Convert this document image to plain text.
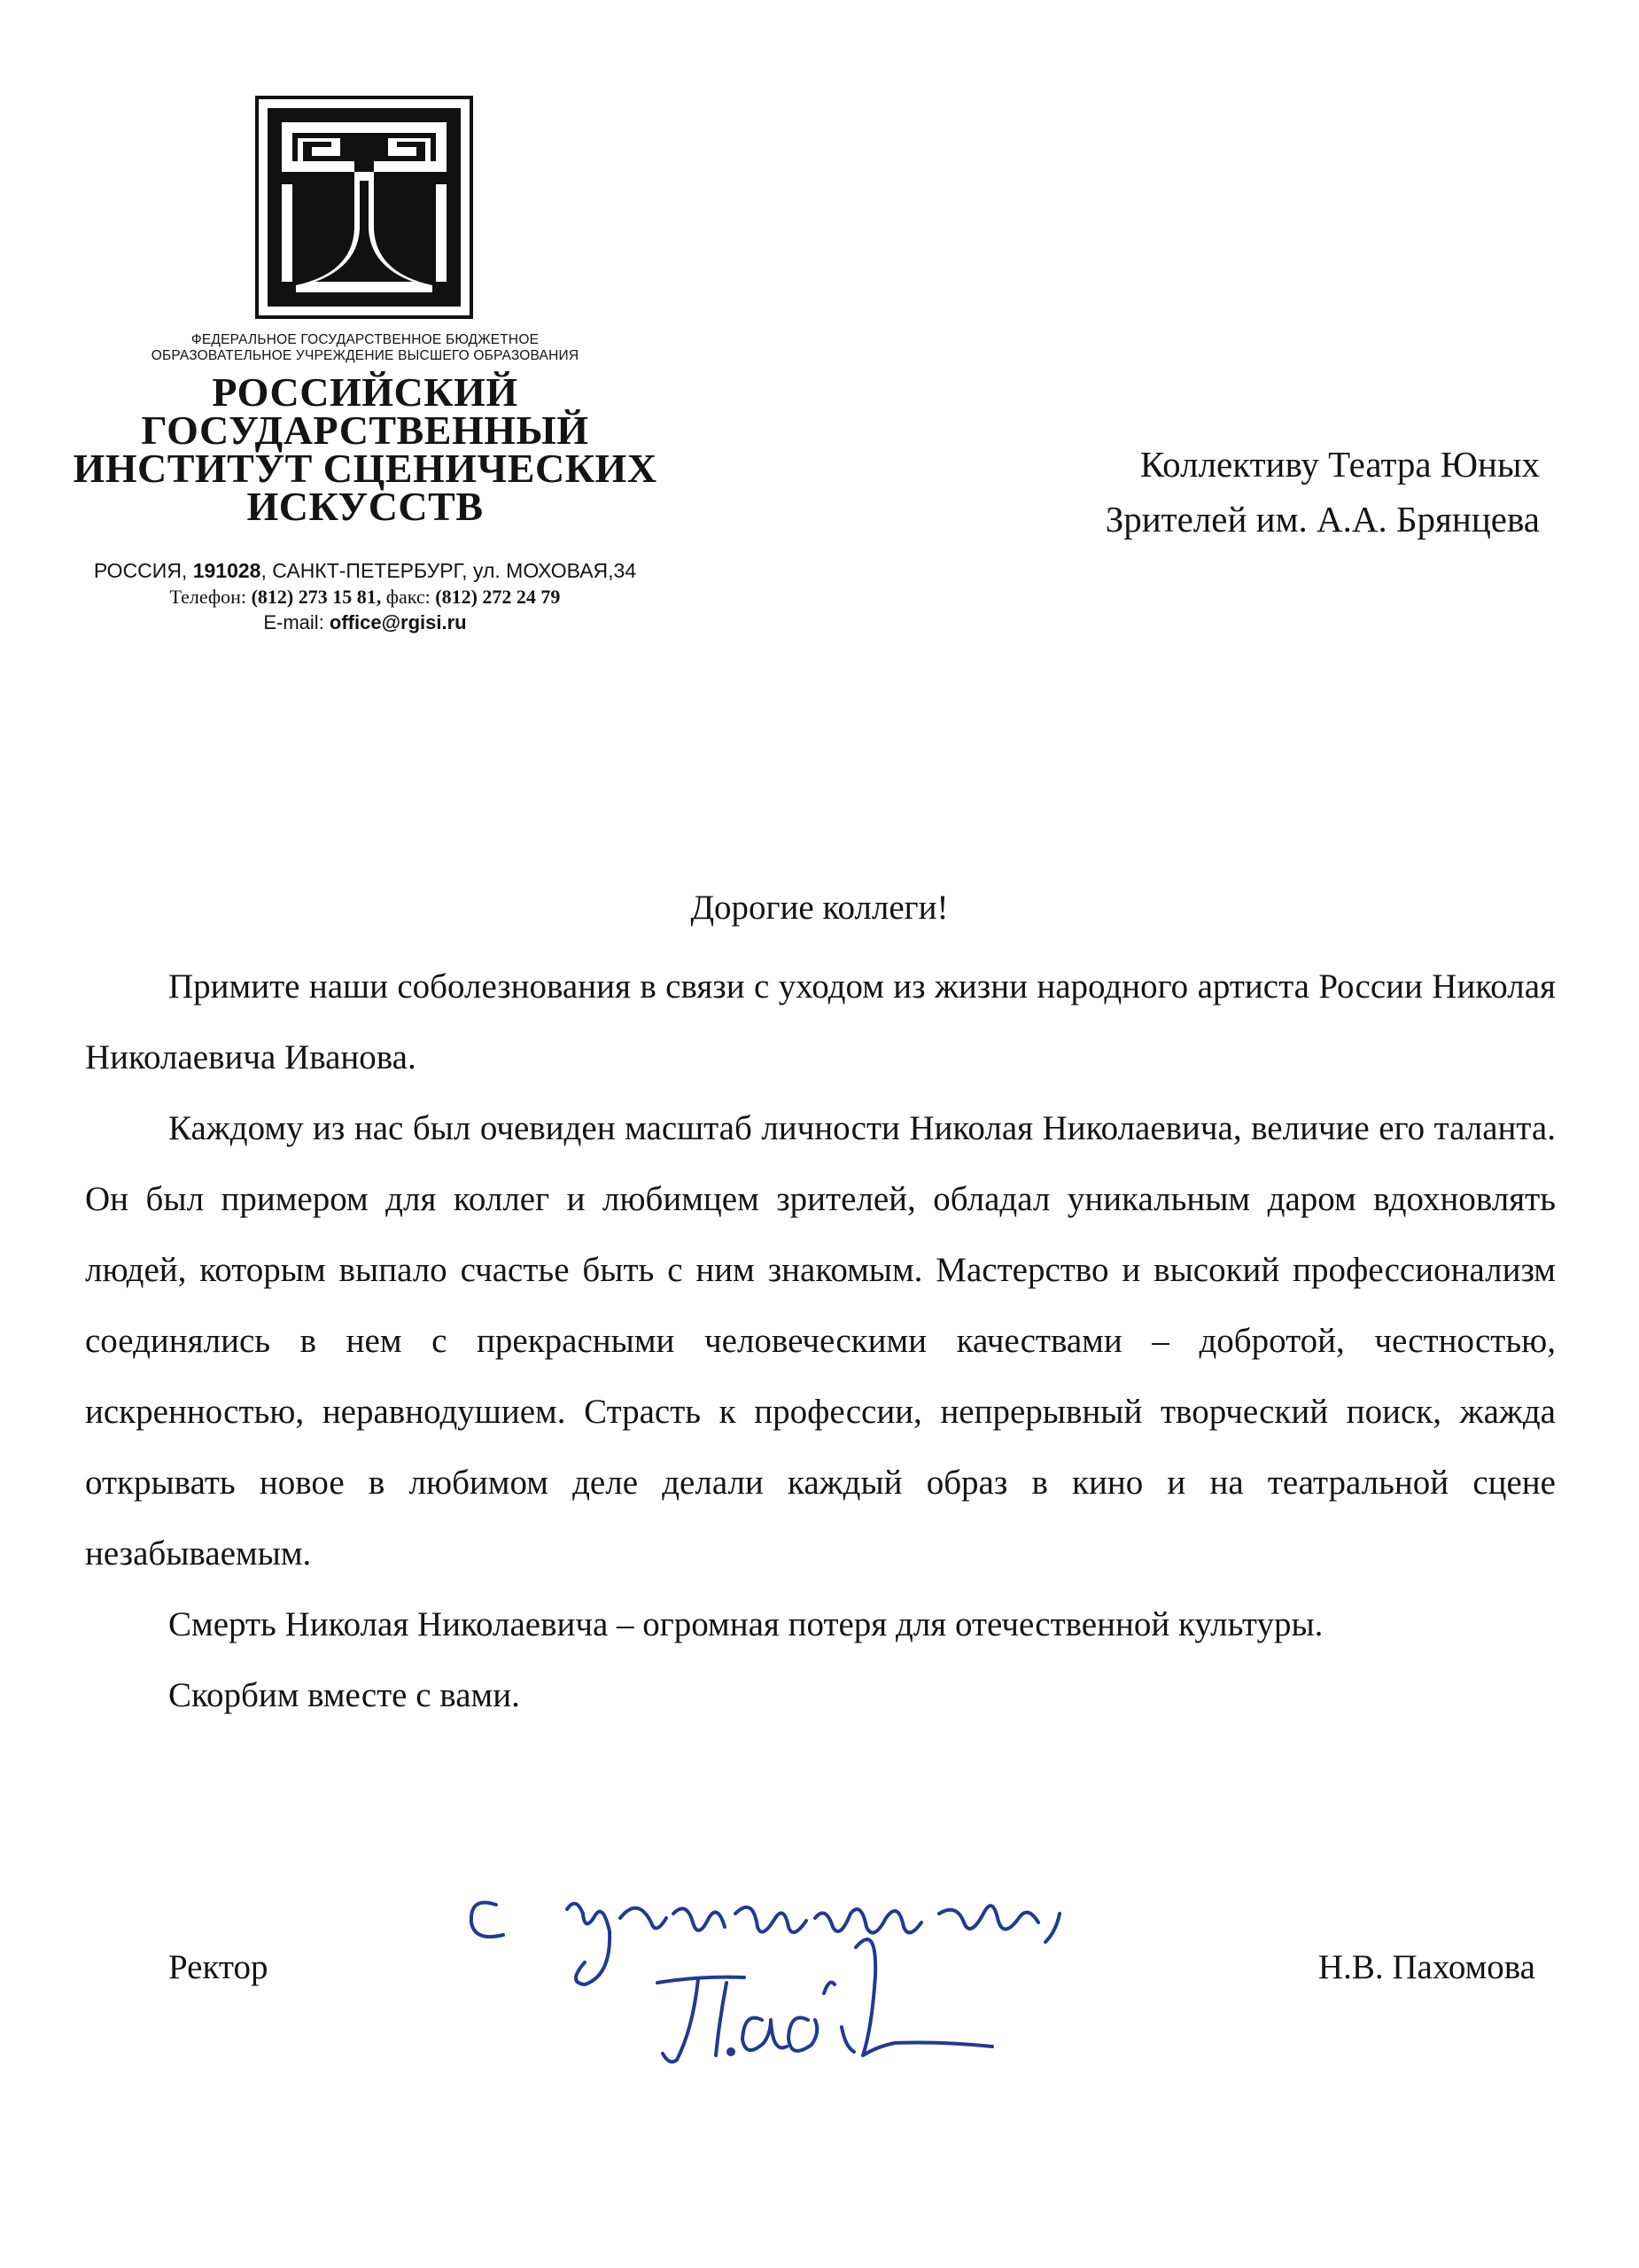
ФЕДЕРАЛЬНОЕ ГОСУДАРСТВЕННОЕ БЮДЖЕТНОЕ
ОБРАЗОВАТЕЛЬНОЕ УЧРЕЖДЕНИЕ ВЫСШЕГО ОБРАЗОВАНИЯ
РОССИЙСКИЙ
ГОСУДАРСТВЕННЫЙ
ИНСТИТУТ СЦЕНИЧЕСКИХ
ИСКУССТВ
РОССИЯ, 191028, САНКТ-ПЕТЕРБУРГ, ул. МОХОВАЯ,34
Телефон: (812) 273 15 81, факс: (812) 272 24 79
E-mail: office@rgisi.ru
Коллективу Театра Юных
Зрителей им. А.А. Брянцева
Дорогие коллеги!

Примите наши соболезнования в связи с уходом из жизни народного артиста России Николая Николаевича Иванова.

Каждому из нас был очевиден масштаб личности Николая Николаевича, величие его таланта. Он был примером для коллег и любимцем зрителей, обладал уникальным даром вдохновлять людей, которым выпало счастье быть с ним знакомым. Мастерство и высокий профессионализм соединялись в нем с прекрасными человеческими качествами – добротой, честностью, искренностью, неравнодушием. Страсть к профессии, непрерывный творческий поиск, жажда открывать новое в любимом деле делали каждый образ в кино и на театральной сцене незабываемым.

Смерть Николая Николаевича – огромная потеря для отечественной культуры.

Скорбим вместе с вами.

Ректор	Н.В. Пахомова
